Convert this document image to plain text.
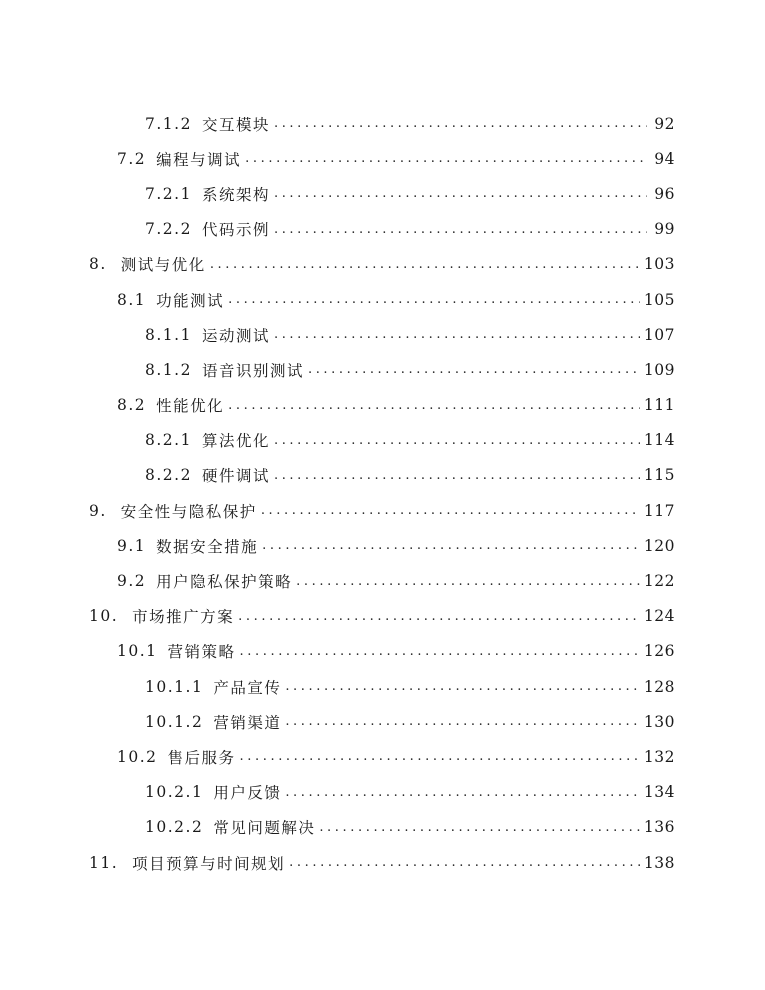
7.1.2 交互模块 .....	92
7.2 编程与调试 .....	94
7.2.1 系统架构 .....	96
7.2.2 代码示例 .....	99
8. 测试与优化 .....	103
8.1 功能测试 .....	105
8.1.1 运动测试 .....	107
8.1.2 语音识别测试 .....	109
8.2 性能优化 .....	111
8.2.1 算法优化 .....	114
8.2.2 硬件调试 .....	115
9. 安全性与隐私保护 .....	117
9.1 数据安全措施 .....	120
9.2 用户隐私保护策略 .....	122
10. 市场推广方案 .....	124
10.1 营销策略 .....	126
10.1.1 产品宣传 .....	128
10.1.2 营销渠道 .....	130
10.2 售后服务 .....	132
10.2.1 用户反馈 .....	134
10.2.2 常见问题解决 .....	136
11. 项目预算与时间规划 .....	138
